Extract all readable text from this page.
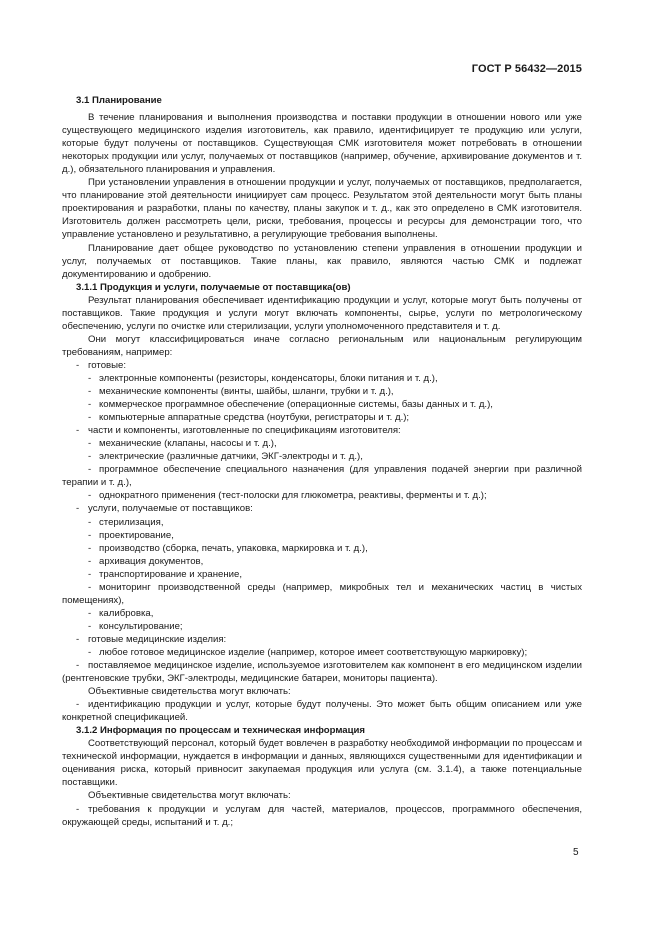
ГОСТ Р 56432—2015

3.1 Планирование

В течение планирования и выполнения производства и поставки продукции в отношении нового или уже существующего медицинского изделия изготовитель, как правило, идентифицирует те продукцию или услуги, которые будут получены от поставщиков. Существующая СМК изготовителя может потребовать в отношении некоторых продукции или услуг, получаемых от поставщиков (например, обучение, архивирование документов и т. д.), обязательного планирования и управления.

При установлении управления в отношении продукции и услуг, получаемых от поставщиков, предполагается, что планирование этой деятельности инициирует сам процесс. Результатом этой деятельности могут быть планы проектирования и разработки, планы по качеству, планы закупок и т. д., как это определено в СМК изготовителя. Изготовитель должен рассмотреть цели, риски, требования, процессы и ресурсы для демонстрации того, что управление установлено и результативно, а регулирующие требования выполнены.

Планирование дает общее руководство по установлению степени управления в отношении продукции и услуг, получаемых от поставщиков. Такие планы, как правило, являются частью СМК и подлежат документированию и одобрению.

3.1.1 Продукция и услуги, получаемые от поставщика(ов)

Результат планирования обеспечивает идентификацию продукции и услуг, которые могут быть получены от поставщиков. Такие продукция и услуги могут включать компоненты, сырье, услуги по метрологическому обеспечению, услуги по очистке или стерилизации, услуги уполномоченного представителя и т. д.

Они могут классифицироваться иначе согласно региональным или национальным регулирующим требованиям, например:

- готовые:
- электронные компоненты (резисторы, конденсаторы, блоки питания и т. д.),
- механические компоненты (винты, шайбы, шланги, трубки и т. д.),
- коммерческое программное обеспечение (операционные системы, базы данных и т. д.),
- компьютерные аппаратные средства (ноутбуки, регистраторы и т. д.);
- части и компоненты, изготовленные по спецификациям изготовителя:
- механические (клапаны, насосы и т. д.),
- электрические (различные датчики, ЭКГ-электроды и т. д.),
- программное обеспечение специального назначения (для управления подачей энергии при различной терапии и т. д.),
- однократного применения (тест-полоски для глюкометра, реактивы, ферменты и т. д.);
- услуги, получаемые от поставщиков:
- стерилизация,
- проектирование,
- производство (сборка, печать, упаковка, маркировка и т. д.),
- архивация документов,
- транспортирование и хранение,
- мониторинг производственной среды (например, микробных тел и механических частиц в чистых помещениях),
- калибровка,
- консультирование;
- готовые медицинские изделия:
- любое готовое медицинское изделие (например, которое имеет соответствующую маркировку);
- поставляемое медицинское изделие, используемое изготовителем как компонент в его медицинском изделии (рентгеновские трубки, ЭКГ-электроды, медицинские батареи, мониторы пациента).

Объективные свидетельства могут включать:

- идентификацию продукции и услуг, которые будут получены. Это может быть общим описанием или уже конкретной спецификацией.

3.1.2 Информация по процессам и техническая информация

Соответствующий персонал, который будет вовлечен в разработку необходимой информации по процессам и технической информации, нуждается в информации и данных, являющихся существенными для идентификации и оценивания риска, который привносит закупаемая продукция или услуга (см. 3.1.4), а также потенциальные поставщики.

Объективные свидетельства могут включать:

- требования к продукции и услугам для частей, материалов, процессов, программного обеспечения, окружающей среды, испытаний и т. д.;
5
